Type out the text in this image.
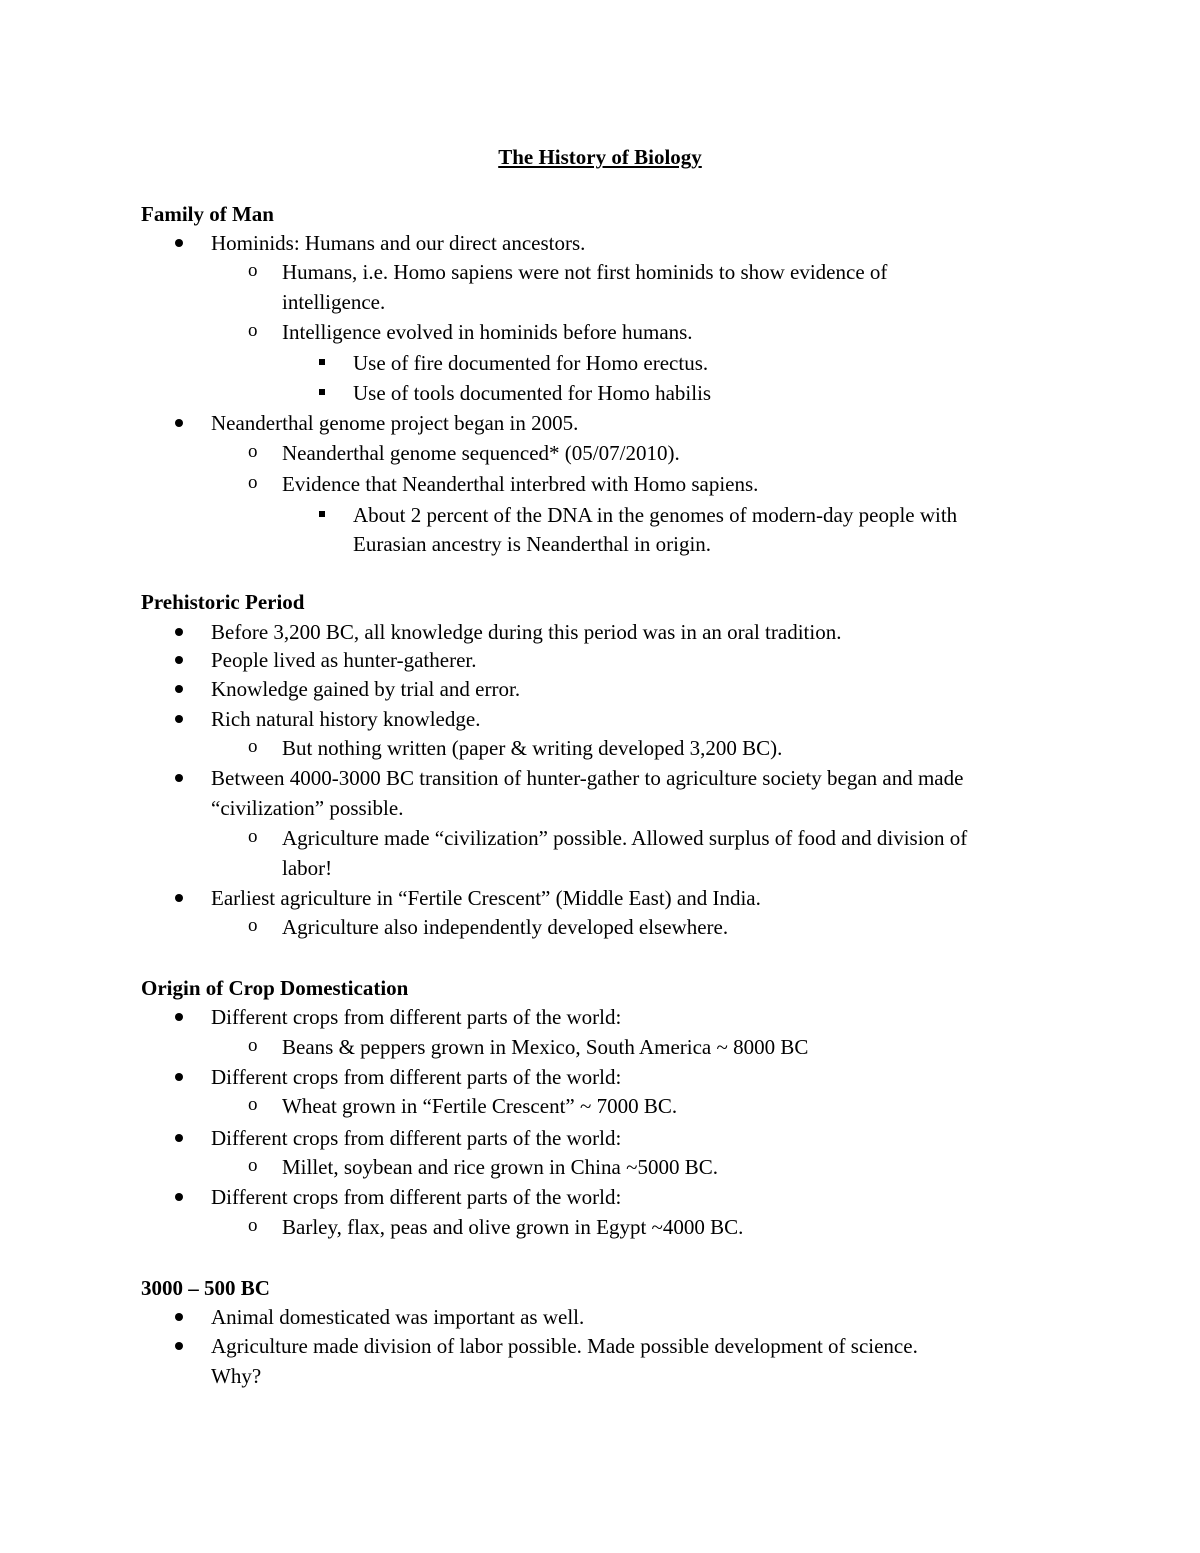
The History of Biology
Family of Man
Hominids: Humans and our direct ancestors.
o Humans, i.e. Homo sapiens were not first hominids to show evidence of
intelligence.
o Intelligence evolved in hominids before humans.
Use of fire documented for Homo erectus.
Use of tools documented for Homo habilis
Neanderthal genome project began in 2005.
o Neanderthal genome sequenced* (05/07/2010).
o Evidence that Neanderthal interbred with Homo sapiens.
About 2 percent of the DNA in the genomes of modern-day people with
Eurasian ancestry is Neanderthal in origin.
Prehistoric Period
Before 3,200 BC, all knowledge during this period was in an oral tradition.
People lived as hunter-gatherer.
Knowledge gained by trial and error.
Rich natural history knowledge.
o But nothing written (paper & writing developed 3,200 BC).
Between 4000-3000 BC transition of hunter-gather to agriculture society began and made
“civilization” possible.
o Agriculture made “civilization” possible. Allowed surplus of food and division of
labor!
Earliest agriculture in “Fertile Crescent” (Middle East) and India.
o Agriculture also independently developed elsewhere.
Origin of Crop Domestication
Different crops from different parts of the world:
o Beans & peppers grown in Mexico, South America ~ 8000 BC
Different crops from different parts of the world:
o Wheat grown in “Fertile Crescent” ~ 7000 BC.
Different crops from different parts of the world:
o Millet, soybean and rice grown in China ~5000 BC.
Different crops from different parts of the world:
o Barley, flax, peas and olive grown in Egypt ~4000 BC.
3000 – 500 BC
Animal domesticated was important as well.
Agriculture made division of labor possible. Made possible development of science.
Why?
